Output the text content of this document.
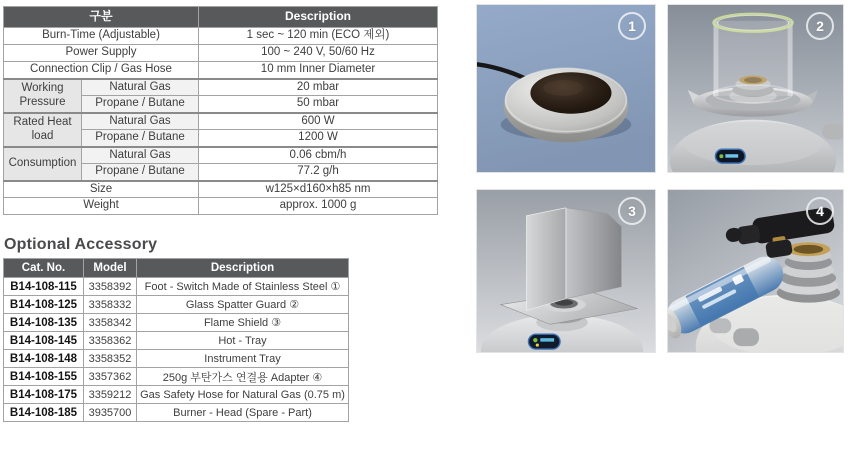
구분		Description
Burn-Time (Adjustable)		1 sec ~ 120 min (ECO 제외)
Power Supply		100 ~ 240 V, 50/60 Hz
Connection Clip / Gas Hose		10 mm Inner Diameter
Working Pressure	Natural Gas	20 mbar
	Propane / Butane	50 mbar
Rated Heat load	Natural Gas	600 W
	Propane / Butane	1200 W
Consumption	Natural Gas	0.06 cbm/h
	Propane / Butane	77.2 g/h
Size		w125×d160×h85 nm
Weight		approx. 1000 g
Optional Accessory
Cat. No.	Model	Description
B14-108-115	3358392	Foot - Switch Made of Stainless Steel ①
B14-108-125	3358332	Glass Spatter Guard ②
B14-108-135	3358342	Flame Shield ③
B14-108-145	3358362	Hot - Tray
B14-108-148	3358352	Instrument Tray
B14-108-155	3357362	250g 부탄가스 연결용 Adapter ④
B14-108-175	3359212	Gas Safety Hose for Natural Gas (0.75 m)
B14-108-185	3935700	Burner - Head (Spare - Part)
1	2
3	4
